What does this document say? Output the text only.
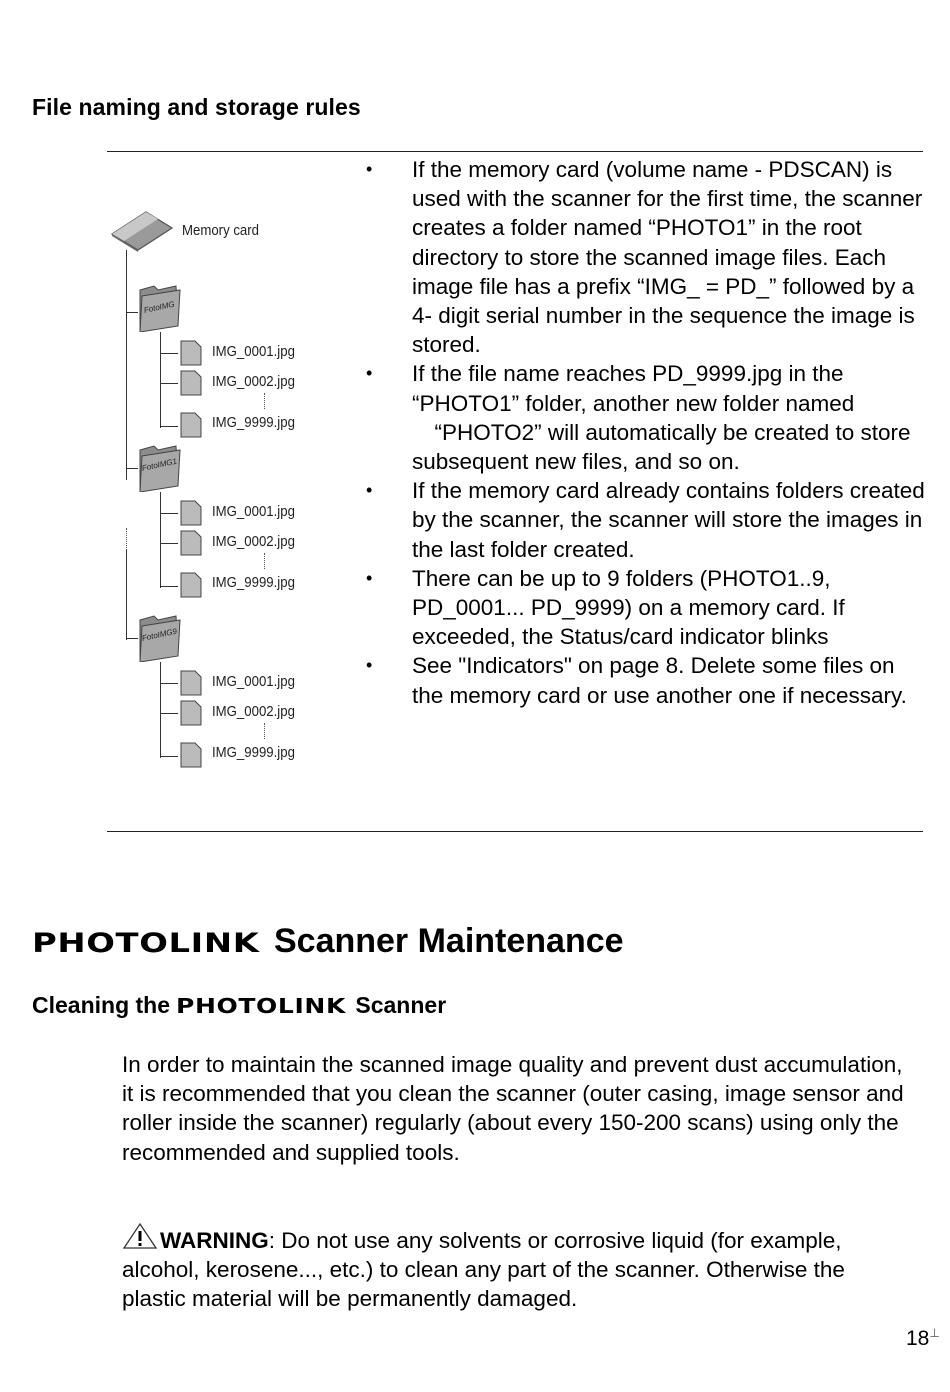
File naming and storage rules
Memory card
FotoIMG
IMG_0001.jpg
IMG_0002.jpg
IMG_9999.jpg
FotoIMG1
IMG_0001.jpg
IMG_0002.jpg
IMG_9999.jpg
FotoIMG9
IMG_0001.jpg
IMG_0002.jpg
IMG_9999.jpg
• If the memory card (volume name - PDSCAN) is used with the scanner for the first time, the scanner creates a folder named “PHOTO1” in the root directory to store the scanned image files. Each image file has a prefix “IMG_ = PD_” followed by a 4- digit serial number in the sequence the image is stored.
• If the file name reaches PD_9999.jpg in the “PHOTO1” folder, another new folder named 　“PHOTO2” will automatically be created to store subsequent new files, and so on.
• If the memory card already contains folders created by the scanner, the scanner will store the images in the last folder created.
• There can be up to 9 folders (PHOTO1..9, PD_0001... PD_9999) on a memory card. If exceeded, the Status/card indicator blinks
• See "Indicators" on page 8. Delete some files on the memory card or use another one if necessary.
PHOTOLINK Scanner Maintenance
Cleaning the PHOTOLINK Scanner

In order to maintain the scanned image quality and prevent dust accumulation, it is recommended that you clean the scanner (outer casing, image sensor and roller inside the scanner) regularly (about every 150-200 scans) using only the recommended and supplied tools.

WARNING: Do not use any solvents or corrosive liquid (for example, alcohol, kerosene..., etc.) to clean any part of the scanner. Otherwise the plastic material will be permanently damaged.

18⊥
